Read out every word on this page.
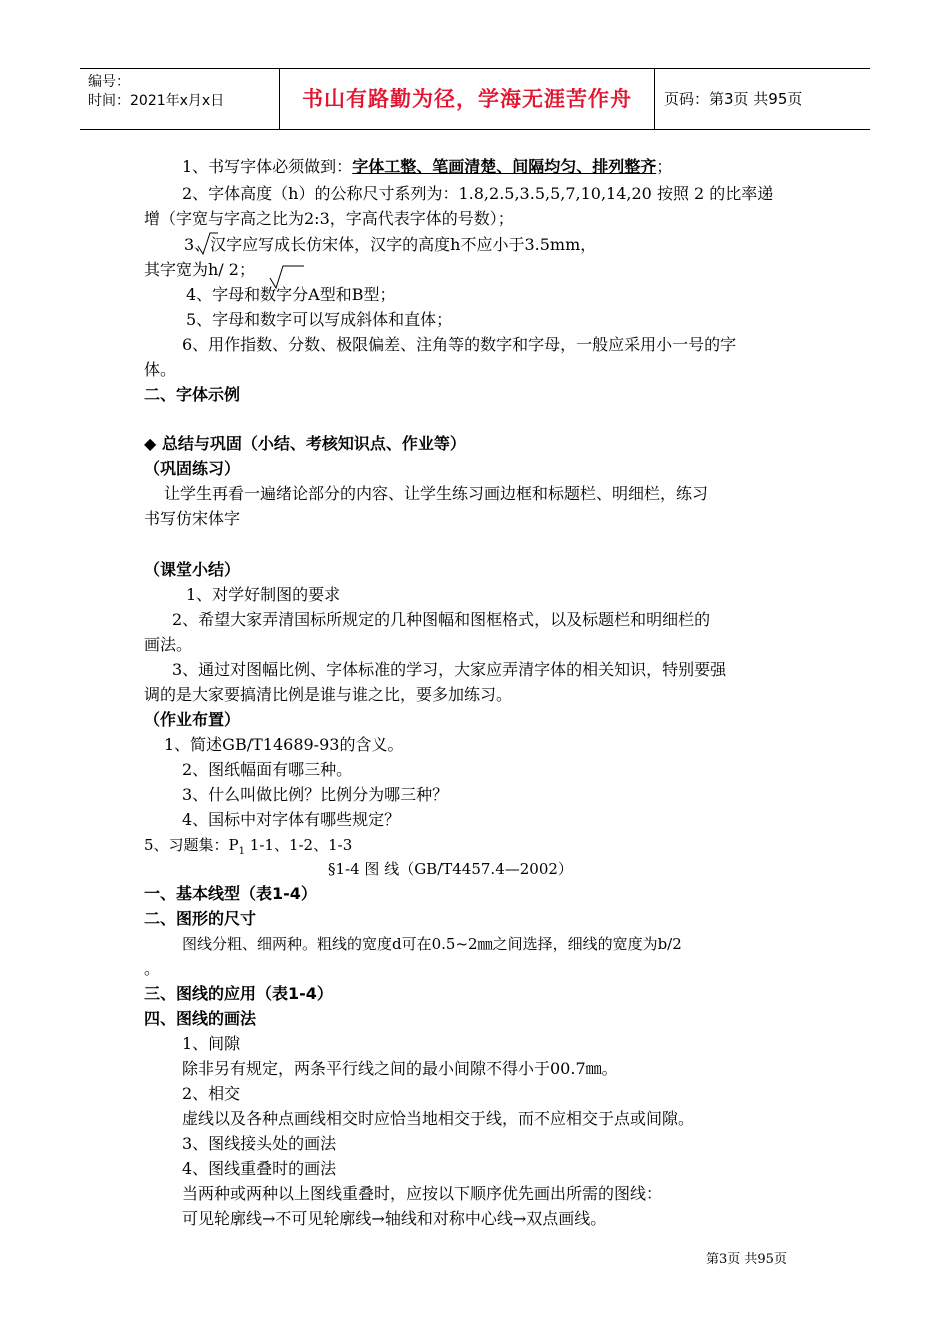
编号：
时间：2021年x月x日	书山有路勤为径，学海无涯苦作舟	页码：第3页 共95页
1、书写字体必须做到：字体工整、笔画清楚、间隔均匀、排列整齐；
2、字体高度（h）的公称尺寸系列为：1.8,2.5,3.5,5,7,10,14,20 按照 2 的比率递
增（字宽与字高之比为2:3，字高代表字体的号数）；
3、汉字应写成长仿宋体，汉字的高度h不应小于3.5mm，
其字宽为h/ 2；
4、字母和数字分A型和B型；
5、字母和数字可以写成斜体和直体；
6、用作指数、分数、极限偏差、注角等的数字和字母，一般应采用小一号的字
体。
二、字体示例
◆ 总结与巩固（小结、考核知识点、作业等）
（巩固练习）
让学生再看一遍绪论部分的内容、让学生练习画边框和标题栏、明细栏，练习
书写仿宋体字
（课堂小结）
1、对学好制图的要求
2、希望大家弄清国标所规定的几种图幅和图框格式，以及标题栏和明细栏的
画法。
3、通过对图幅比例、字体标准的学习，大家应弄清字体的相关知识，特别要强
调的是大家要搞清比例是谁与谁之比，要多加练习。
（作业布置）
1、简述GB/T14689-93的含义。
2、图纸幅面有哪三种。
3、什么叫做比例？比例分为哪三种？
4、国标中对字体有哪些规定？
5、习题集：$P_1$ 1-1、1-2、1-3
§1-4 图 线（GB/T4457.4—2002）
一、基本线型（表1-4）
二、图形的尺寸
图线分粗、细两种。粗线的宽度d可在0.5~2㎜之间选择，细线的宽度为b/2
。
三、图线的应用（表1-4）
四、图线的画法
1、间隙
除非另有规定，两条平行线之间的最小间隙不得小于00.7㎜。
2、相交
虚线以及各种点画线相交时应恰当地相交于线，而不应相交于点或间隙。
3、图线接头处的画法
4、图线重叠时的画法
当两种或两种以上图线重叠时，应按以下顺序优先画出所需的图线：
可见轮廓线→不可见轮廓线→轴线和对称中心线→双点画线。
第3页 共95页
